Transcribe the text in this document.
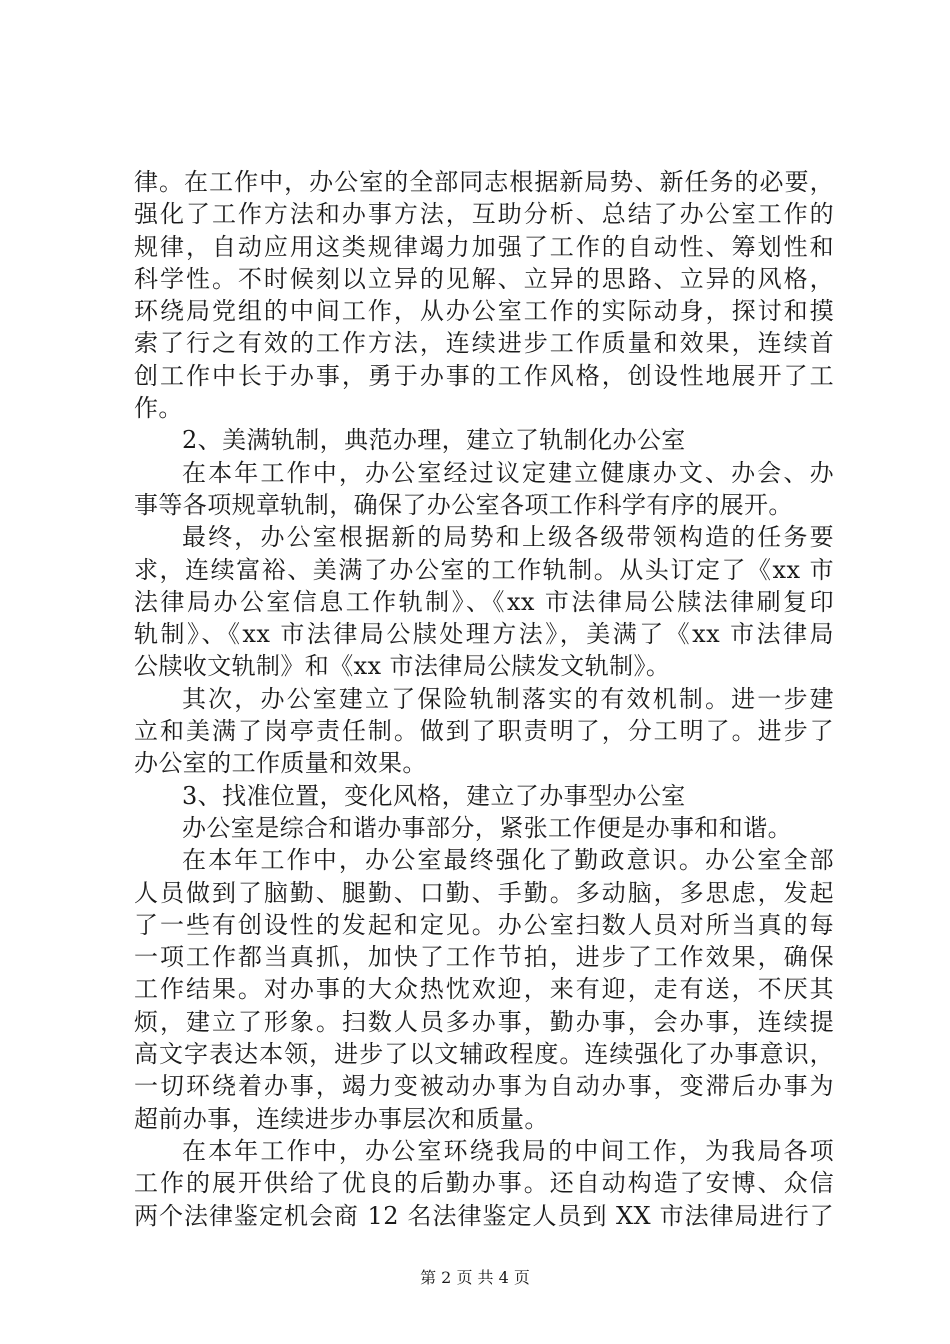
律。在工作中，办公室的全部同志根据新局势、新任务的必要，
强化了工作方法和办事方法，互助分析、总结了办公室工作的
规律，自动应用这类规律竭力加强了工作的自动性、筹划性和
科学性。不时候刻以立异的见解、立异的思路、立异的风格，
环绕局党组的中间工作，从办公室工作的实际动身，探讨和摸
索了行之有效的工作方法，连续进步工作质量和效果，连续首
创工作中长于办事，勇于办事的工作风格，创设性地展开了工
作。
2、美满轨制，典范办理，建立了轨制化办公室
在本年工作中，办公室经过议定建立健康办文、办会、办
事等各项规章轨制，确保了办公室各项工作科学有序的展开。
最终，办公室根据新的局势和上级各级带领构造的任务要
求，连续富裕、美满了办公室的工作轨制。从头订定了《xx 市
法律局办公室信息工作轨制》、《xx 市法律局公牍法律刷复印
轨制》、《xx 市法律局公牍处理方法》，美满了《xx 市法律局
公牍收文轨制》和《xx 市法律局公牍发文轨制》。
其次，办公室建立了保险轨制落实的有效机制。进一步建
立和美满了岗亭责任制。做到了职责明了，分工明了。进步了
办公室的工作质量和效果。
3、找准位置，变化风格，建立了办事型办公室
办公室是综合和谐办事部分，紧张工作便是办事和和谐。
在本年工作中，办公室最终强化了勤政意识。办公室全部
人员做到了脑勤、腿勤、口勤、手勤。多动脑，多思虑，发起
了一些有创设性的发起和定见。办公室扫数人员对所当真的每
一项工作都当真抓，加快了工作节拍，进步了工作效果，确保
工作结果。对办事的大众热忱欢迎，来有迎，走有送，不厌其
烦，建立了形象。扫数人员多办事，勤办事，会办事，连续提
高文字表达本领，进步了以文辅政程度。连续强化了办事意识，
一切环绕着办事，竭力变被动办事为自动办事，变滞后办事为
超前办事，连续进步办事层次和质量。
在本年工作中，办公室环绕我局的中间工作，为我局各项
工作的展开供给了优良的后勤办事。还自动构造了安博、众信
两个法律鉴定机会商 12 名法律鉴定人员到 XX 市法律局进行了
第 2 页 共 4 页
